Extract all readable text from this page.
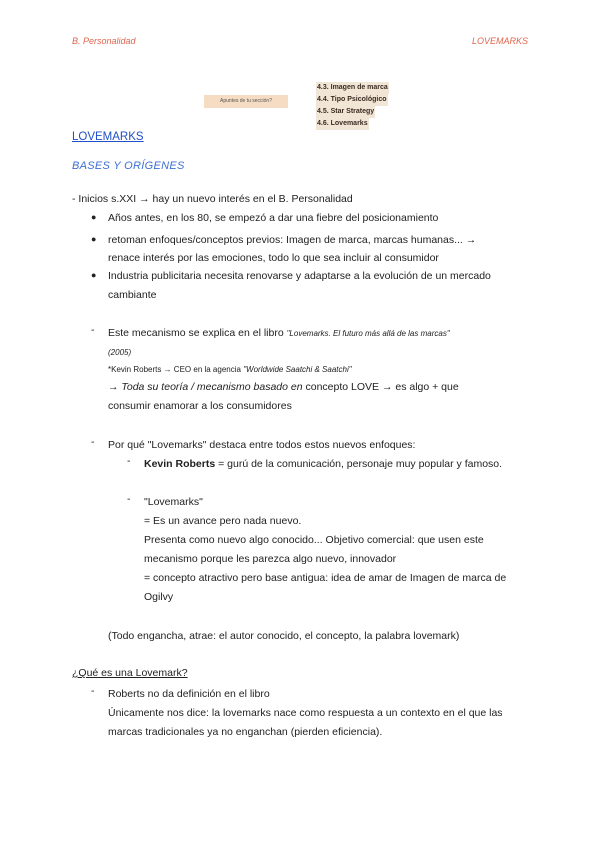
B. Personalidad	LOVEMARKS
Apuntes de tu sección?
4.3. Imagen de marca
4.4. Tipo Psicológico
4.5. Star Strategy
4.6. Lovemarks
LOVEMARKS
BASES Y ORÍGENES
- Inicios s.XXI → hay un nuevo interés en el B. Personalidad
● Años antes, en los 80, se empezó a dar una fiebre del posicionamiento
● retoman enfoques/conceptos previos: Imagen de marca, marcas humanas... →
renace interés por las emociones, todo lo que sea incluir al consumidor
● Industria publicitaria necesita renovarse y adaptarse a la evolución de un mercado
cambiante
- Este mecanismo se explica en el libro "Lovemarks. El futuro más allá de las marcas"
(2005)
*Kevin Roberts → CEO en la agencia "Worldwide Saatchi & Saatchi"
→ Toda su teoría / mecanismo basado en concepto LOVE → es algo + que
consumir enamorar a los consumidores
- Por qué "Lovemarks" destaca entre todos estos nuevos enfoques:
- Kevin Roberts = gurú de la comunicación, personaje muy popular y famoso.
- "Lovemarks"
= Es un avance pero nada nuevo.
Presenta como nuevo algo conocido... Objetivo comercial: que usen este
mecanismo porque les parezca algo nuevo, innovador
= concepto atractivo pero base antigua: idea de amar de Imagen de marca de
Ogilvy
(Todo engancha, atrae: el autor conocido, el concepto, la palabra lovemark)
¿Qué es una Lovemark?
- Roberts no da definición en el libro
Únicamente nos dice: la lovemarks nace como respuesta a un contexto en el que las
marcas tradicionales ya no enganchan (pierden eficiencia).
